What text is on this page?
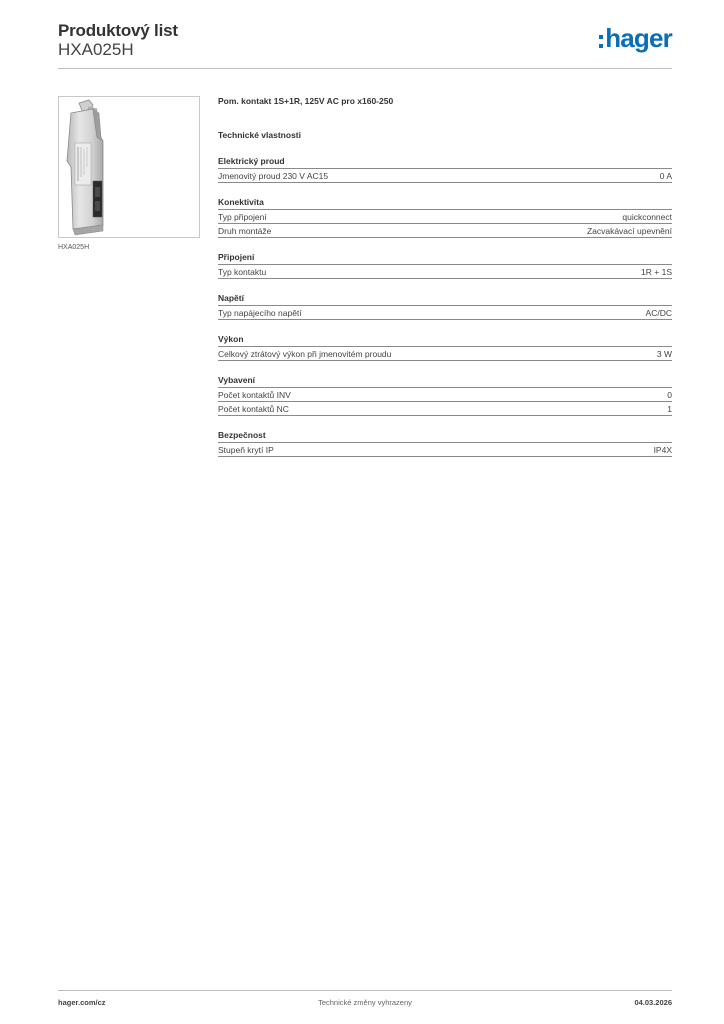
Produktový list
HXA025H	hager
HXA025H
Pom. kontakt 1S+1R, 125V AC pro x160-250
Technické vlastnosti
Elektrický proud
Jmenovitý proud 230 V AC15	0 A
Konektivita
Typ připojení	quickconnect
Druh montáže	Zacvakávací upevnění
Připojení
Typ kontaktu	1R + 1S
Napětí
Typ napájecího napětí	AC/DC
Výkon
Celkový ztrátový výkon při jmenovitém proudu	3 W
Vybavení
Počet kontaktů INV	0
Počet kontaktů NC	1
Bezpečnost
Stupeň krytí IP	IP4X
hager.com/cz	Technické změny vyhrazeny	04.03.2026
